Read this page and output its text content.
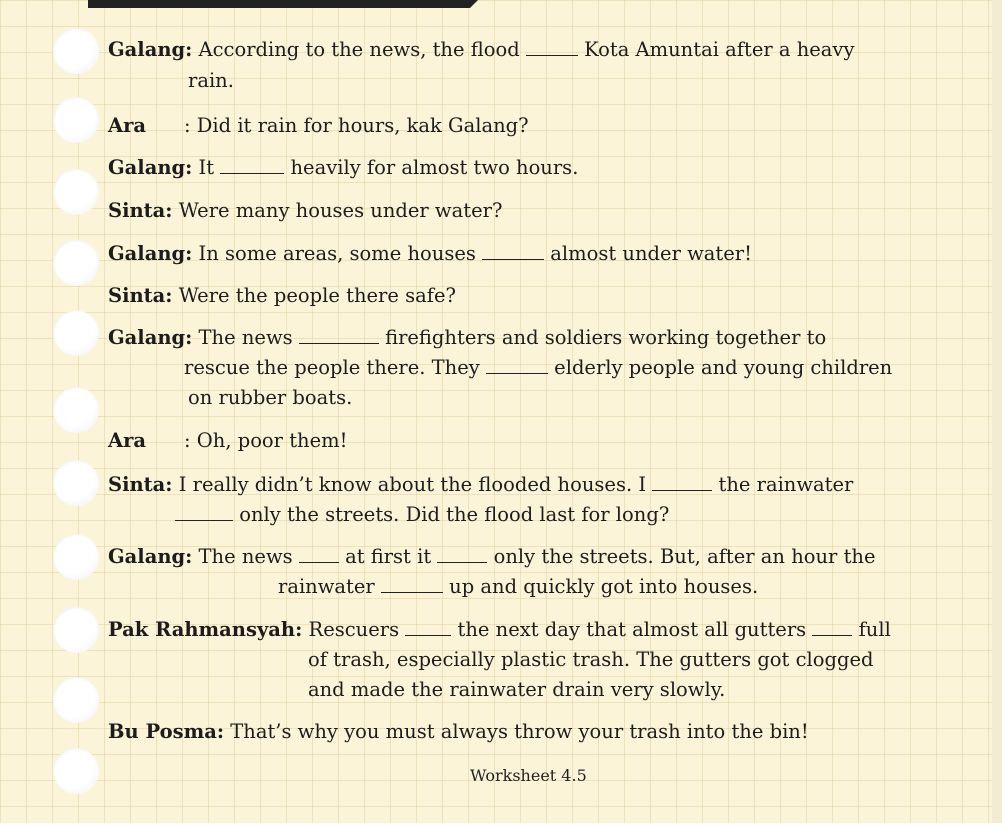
Galang: According to the news, the flood	Kota Amuntai after a heavy
rain.
Ara : Did it rain for hours, kak Galang?
Galang: It	heavily for almost two hours.
Sinta: Were many houses under water?
Galang: In some areas, some houses	almost under water!
Sinta: Were the people there safe?
Galang: The news	firefighters and soldiers working together to
rescue the people there. They	elderly people and young children
on rubber boats.
Ara : Oh, poor them!
Sinta: I really didn’t know about the flooded houses. I	the rainwater
only the streets. Did the flood last for long?
Galang: The news	at first it	only the streets. But, after an hour the
rainwater	up and quickly got into houses.
Pak Rahmansyah: Rescuers	the next day that almost all gutters	full
of trash, especially plastic trash. The gutters got clogged
and made the rainwater drain very slowly.
Bu Posma: That’s why you must always throw your trash into the bin!
Worksheet 4.5
